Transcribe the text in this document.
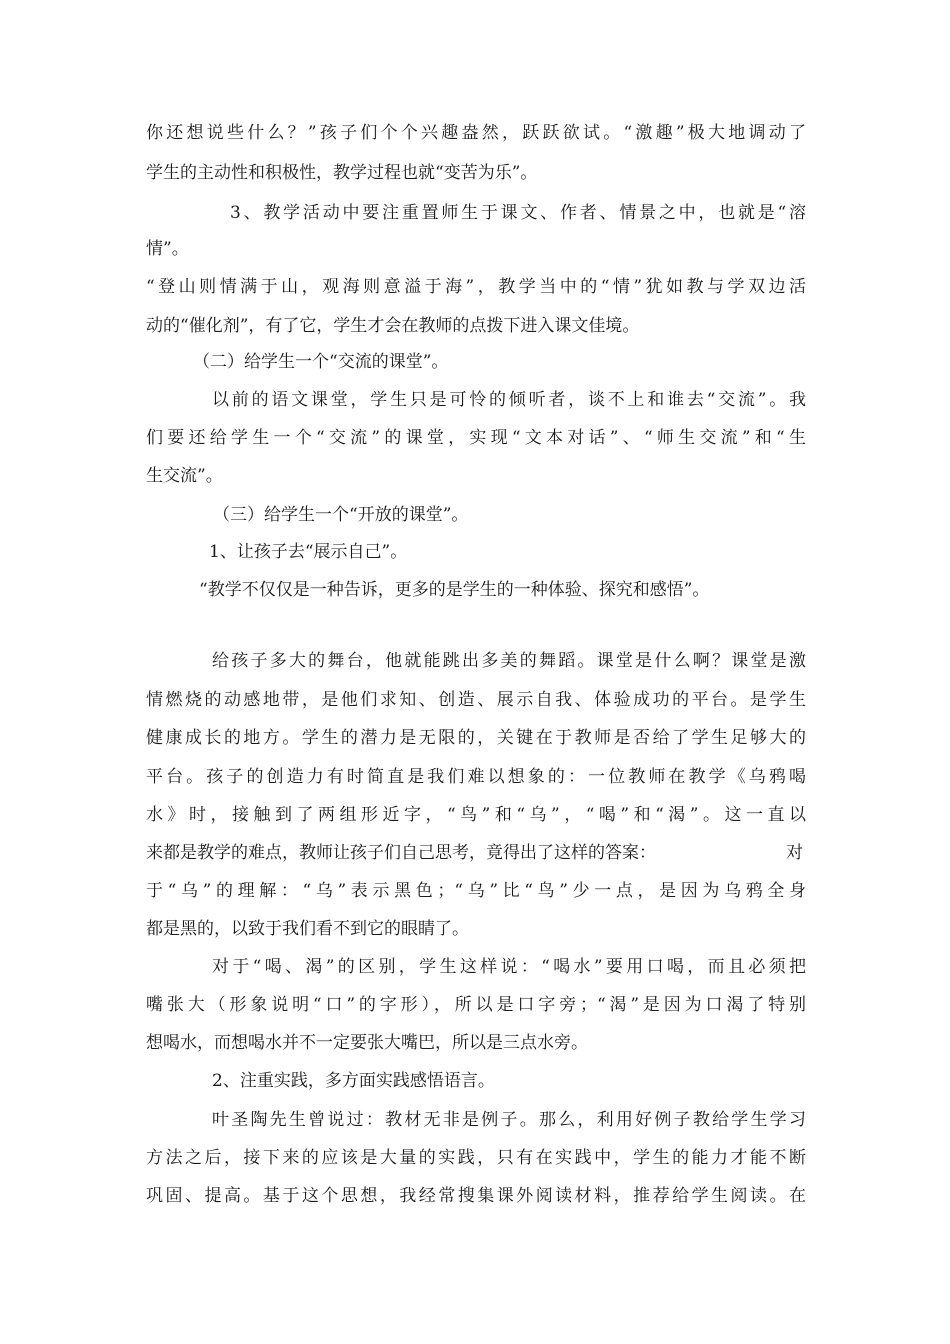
你还想说些什么？”孩子们个个兴趣盎然，跃跃欲试。“激趣”极大地调动了
学生的主动性和积极性，教学过程也就“变苦为乐”。
3、教学活动中要注重置师生于课文、作者、情景之中，也就是“溶
情”。
“登山则情满于山，观海则意溢于海”，教学当中的“情”犹如教与学双边活
动的“催化剂”，有了它，学生才会在教师的点拨下进入课文佳境。
（二）给学生一个“交流的课堂”。
以前的语文课堂，学生只是可怜的倾听者，谈不上和谁去“交流”。我
们要还给学生一个“交流”的课堂，实现“文本对话”、“师生交流”和“生
生交流”。
（三）给学生一个“开放的课堂”。
1、让孩子去“展示自己”。
“教学不仅仅是一种告诉，更多的是学生的一种体验、探究和感悟”。
给孩子多大的舞台，他就能跳出多美的舞蹈。课堂是什么啊？课堂是激
情燃烧的动感地带，是他们求知、创造、展示自我、体验成功的平台。是学生
健康成长的地方。学生的潜力是无限的，关键在于教师是否给了学生足够大的
平台。孩子的创造力有时简直是我们难以想象的：一位教师在教学《乌鸦喝
水》时，接触到了两组形近字，“鸟”和“乌”，“喝”和“渴”。这一直以
来都是教学的难点，教师让孩子们自己思考，竟得出了这样的答案：	对
于“乌”的理解：“乌”表示黑色；“乌”比“鸟”少一点，是因为乌鸦全身
都是黑的，以致于我们看不到它的眼睛了。
对于“喝、渴”的区别，学生这样说：“喝水”要用口喝，而且必须把
嘴张大（形象说明“口”的字形），所以是口字旁；“渴”是因为口渴了特别
想喝水，而想喝水并不一定要张大嘴巴，所以是三点水旁。
2、注重实践，多方面实践感悟语言。
叶圣陶先生曾说过：教材无非是例子。那么，利用好例子教给学生学习
方法之后，接下来的应该是大量的实践，只有在实践中，学生的能力才能不断
巩固、提高。基于这个思想，我经常搜集课外阅读材料，推荐给学生阅读。在
